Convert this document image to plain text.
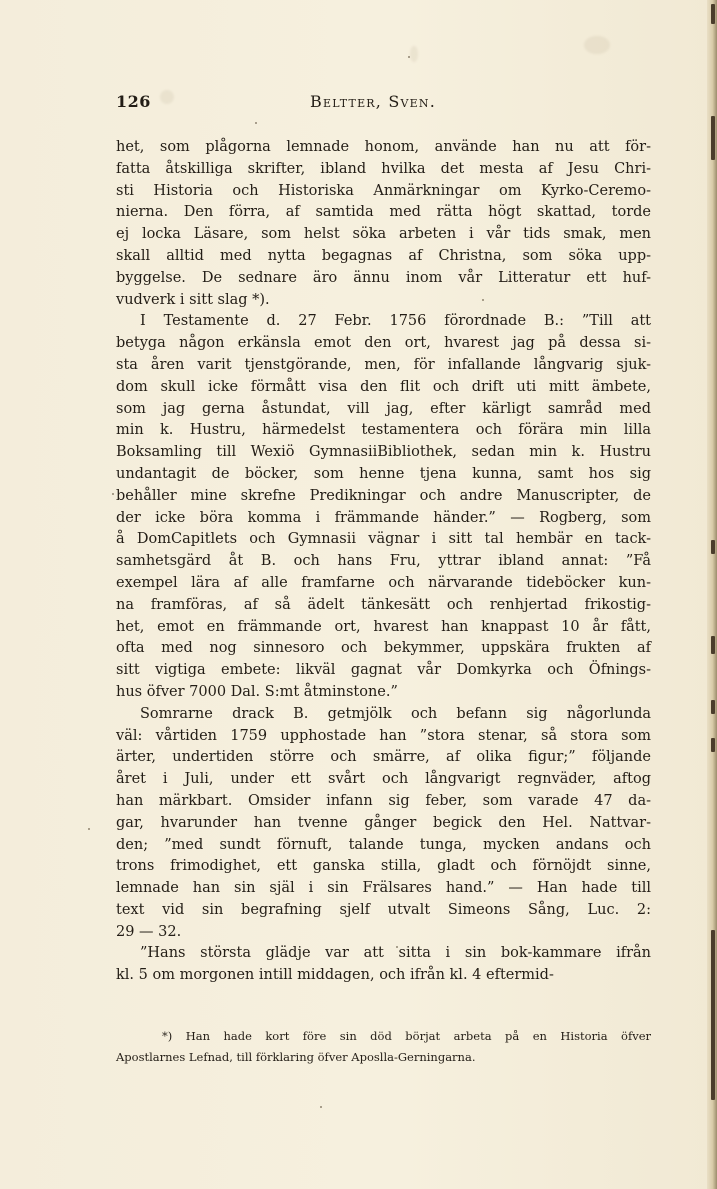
126	Beltter, Sven.
het, som plågorna lemnade honom, använde han nu att för-
fatta åtskilliga skrifter, ibland hvilka det mesta af Jesu Chri-
sti Historia och Historiska Anmärkningar om Kyrko-Ceremo-
nierna. Den förra, af samtida med rätta högt skattad, torde
ej locka Läsare, som helst söka arbeten i vår tids smak, men
skall alltid med nytta begagnas af Christna, som söka upp-
byggelse. De sednare äro ännu inom vår Litteratur ett huf-
vudverk i sitt slag *).
I Testamente d. 27 Febr. 1756 förordnade B.: ”Till att
betyga någon erkänsla emot den ort, hvarest jag på dessa si-
sta åren varit tjenstgörande, men, för infallande långvarig sjuk-
dom skull icke förmått visa den flit och drift uti mitt ämbete,
som jag gerna åstundat, vill jag, efter kärligt samråd med
min k. Hustru, härmedelst testamentera och förära min lilla
Boksamling till Wexiö GymnasiiBibliothek, sedan min k. Hustru
undantagit de böcker, som henne tjena kunna, samt hos sig
behåller mine skrefne Predikningar och andre Manuscripter, de
der icke böra komma i främmande händer.” — Rogberg, som
å DomCapitlets och Gymnasii vägnar i sitt tal hembär en tack-
samhetsgärd åt B. och hans Fru, yttrar ibland annat: ”Få
exempel lära af alle framfarne och närvarande tideböcker kun-
na framföras, af så ädelt tänkesätt och renhjertad frikostig-
het, emot en främmande ort, hvarest han knappast 10 år fått,
ofta med nog sinnesoro och bekymmer, uppskära frukten af
sitt vigtiga embete: likväl gagnat vår Domkyrka och Öfnings-
hus öfver 7000 Dal. S:mt åtminstone.”
Somrarne drack B. getmjölk och befann sig någorlunda
väl: vårtiden 1759 upphostade han ”stora stenar, så stora som
ärter, undertiden större och smärre, af olika figur;” följande
året i Juli, under ett svårt och långvarigt regnväder, aftog
han märkbart. Omsider infann sig feber, som varade 47 da-
gar, hvarunder han tvenne gånger begick den Hel. Nattvar-
den; ”med sundt förnuft, talande tunga, mycken andans och
trons frimodighet, ett ganska stilla, gladt och förnöjdt sinne,
lemnade han sin själ i sin Frälsares hand.” — Han hade till
text vid sin begrafning sjelf utvalt Simeons Sång, Luc. 2:
29 — 32.
”Hans största glädje var att sitta i sin bok-kammare ifrån
kl. 5 om morgonen intill middagen, och ifrån kl. 4 eftermid-
*) Han hade kort före sin död börjat arbeta på en Historia öfver
Apostlarnes Lefnad, till förklaring öfver Aposlla-Gerningarna.
